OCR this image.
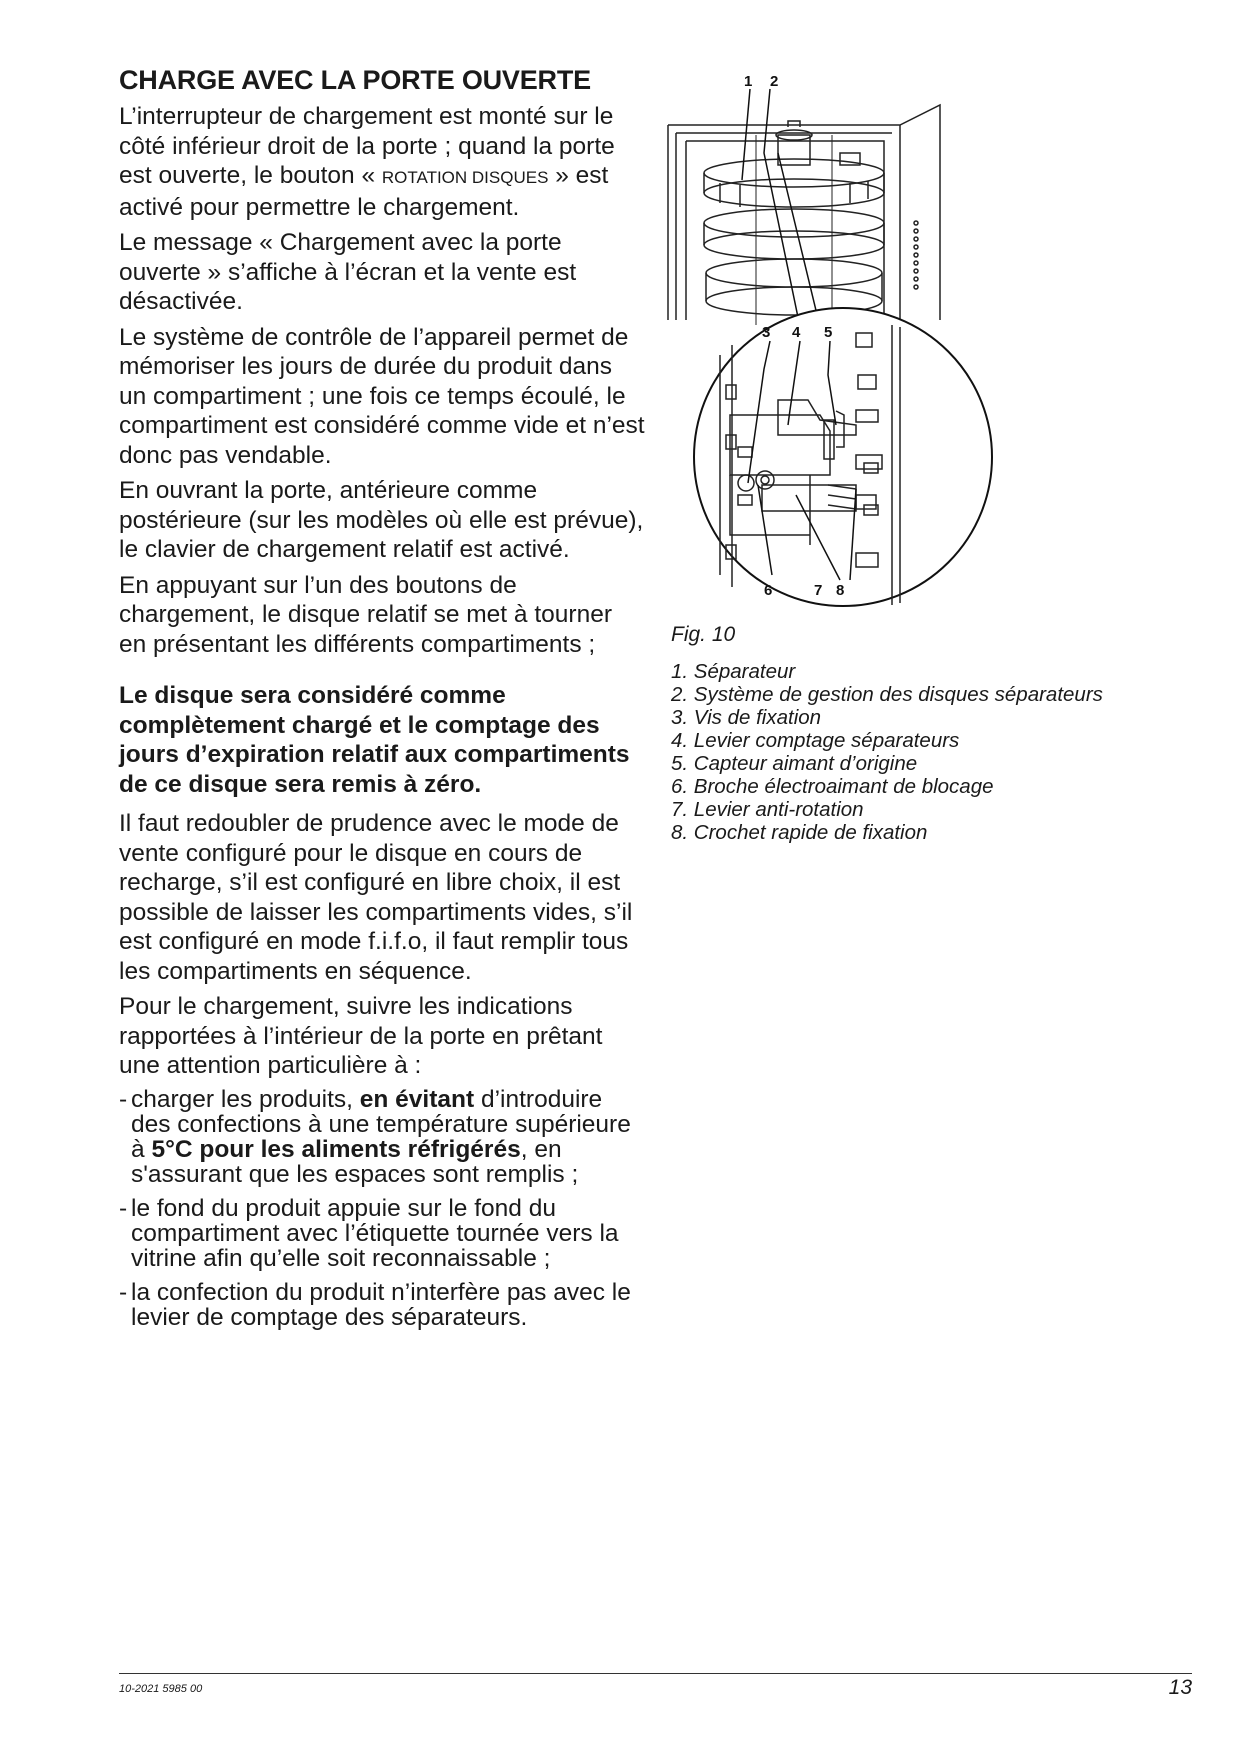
CHARGE AVEC LA PORTE OUVERTE

L’interrupteur de chargement est monté sur le côté inférieur droit de la porte ; quand la porte est ouverte, le bouton « ROTATION DISQUES » est activé pour permettre le chargement.

Le message « Chargement avec la porte ouverte » s’affiche à l’écran et la vente est désactivée.

Le système de contrôle de l’appareil permet de mémoriser les jours de durée du produit dans un compartiment ; une fois ce temps écoulé, le compartiment est considéré comme vide et n’est donc pas vendable.

En ouvrant la porte, antérieure comme postérieure (sur les modèles où elle est prévue), le clavier de chargement relatif est activé.

En appuyant sur l’un des boutons de chargement, le disque relatif se met à tourner en présentant les différents compartiments ;

Le disque sera considéré comme complètement chargé et le comptage des jours d’expiration relatif aux compartiments de ce disque sera remis à zéro.

Il faut redoubler de prudence avec le mode de vente configuré pour le disque en cours de recharge, s’il est configuré en libre choix, il est possible de laisser les compartiments vides, s’il est configuré en mode f.i.f.o, il faut remplir tous les compartiments en séquence.

Pour le chargement, suivre les indications rapportées à l’intérieur de la porte en prêtant une attention particulière à :

- charger les produits, en évitant d’introduire des confections à une température supérieure à 5°C pour les aliments réfrigérés, en s'assurant que les espaces sont remplis ;
- le fond du produit appuie sur le fond du compartiment avec l’étiquette tournée vers la vitrine afin qu’elle soit reconnaissable ;
- la confection du produit n’interfère pas avec le levier de comptage des séparateurs.
1 2
3 4 5
6	7 8
Fig. 10
1. Séparateur
2. Système de gestion des disques séparateurs
3. Vis de fixation
4. Levier comptage séparateurs
5. Capteur aimant d’origine
6. Broche électroaimant de blocage
7. Levier anti-rotation
8. Crochet rapide de fixation
10-2021 5985 00	13
